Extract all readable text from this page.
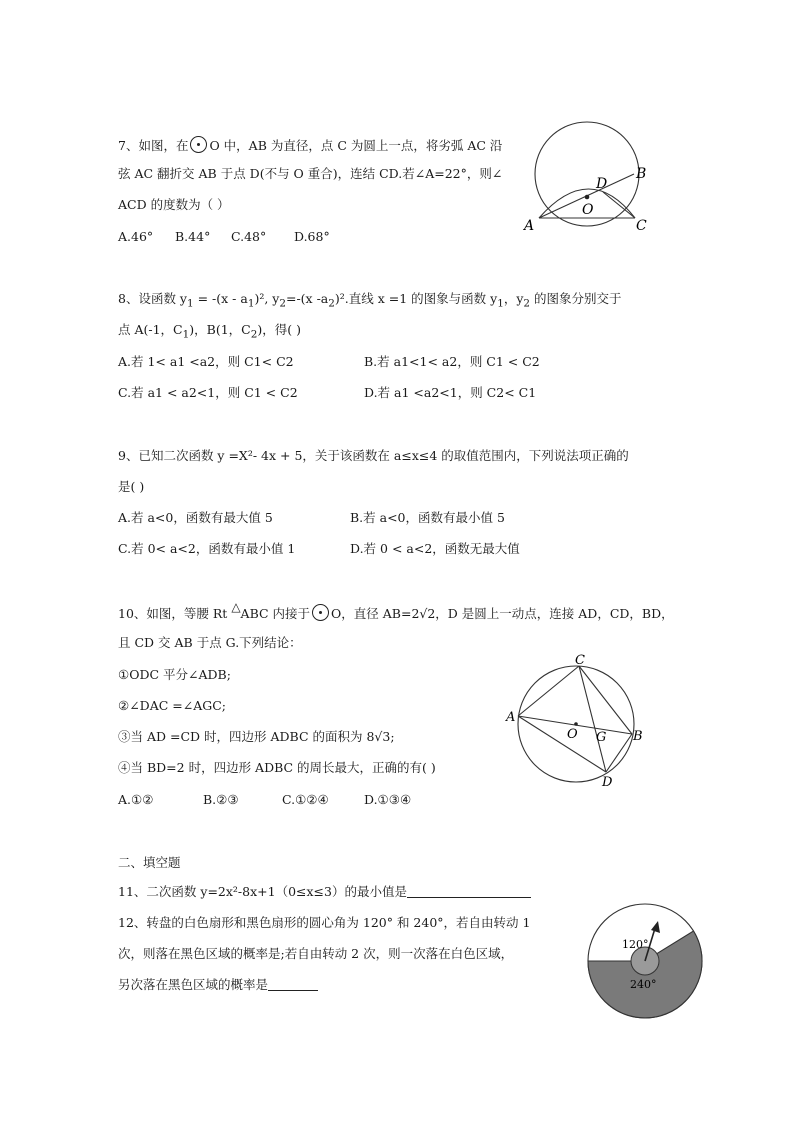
7、如图，在 O 中，AB 为直径，点 C 为圆上一点，将劣弧 AC 沿
弦 AC 翻折交 AB 于点 D(不与 O 重合)，连结 CD.若∠A=22°，则∠
ACD 的度数为（ ）
A.46° B.44° C.48° D.68°
A
B
C
D
O
8、设函数 $y_1 = -(x - a_1)^2$, $y_2=-(x$ $-a_2)^2$.直线 x =1 的图象与函数 $y_1$，$y_2$ 的图象分别交于
点 A(-1，$C_1$)，B(1，$C_2$)，得( )
A.若 1< a1 <a2，则 C1< C2	B.若 a1<1< a2，则 C1 < C2
C.若 a1 < a2<1，则 C1 < C2	D.若 a1 <a2<1，则 C2< C1
9、已知二次函数 y =X²- 4x + 5，关于该函数在 a≤x≤4 的取值范围内，下列说法项正确的
是( )
A.若 a<0，函数有最大值 5	B.若 a<0，函数有最小值 5
C.若 0< a<2，函数有最小值 1	D.若 0 < a<2，函数无最大值
10、如图，等腰 Rt △ABC 内接于 O，直径 AB=2√2，D 是圆上一动点，连接 AD，CD，BD，
且 CD 交 AB 于点 G.下列结论：
①ODC 平分∠ADB;
②∠DAC =∠AGC;
③当 AD =CD 时，四边形 ADBC 的面积为 8√3;
④当 BD=2 时，四边形 ADBC 的周长最大，正确的有( )
A.①②	B.②③	C.①②④	D.①③④
C
A
B
D
O G
二、填空题
11、二次函数 y=2x²-8x+1（0≤x≤3）的最小值是
12、转盘的白色扇形和黑色扇形的圆心角为 120° 和 240°，若自由转动 1
次，则落在黑色区域的概率是;若自由转动 2 次，则一次落在白色区域，
另次落在黑色区域的概率是
120°
240°
